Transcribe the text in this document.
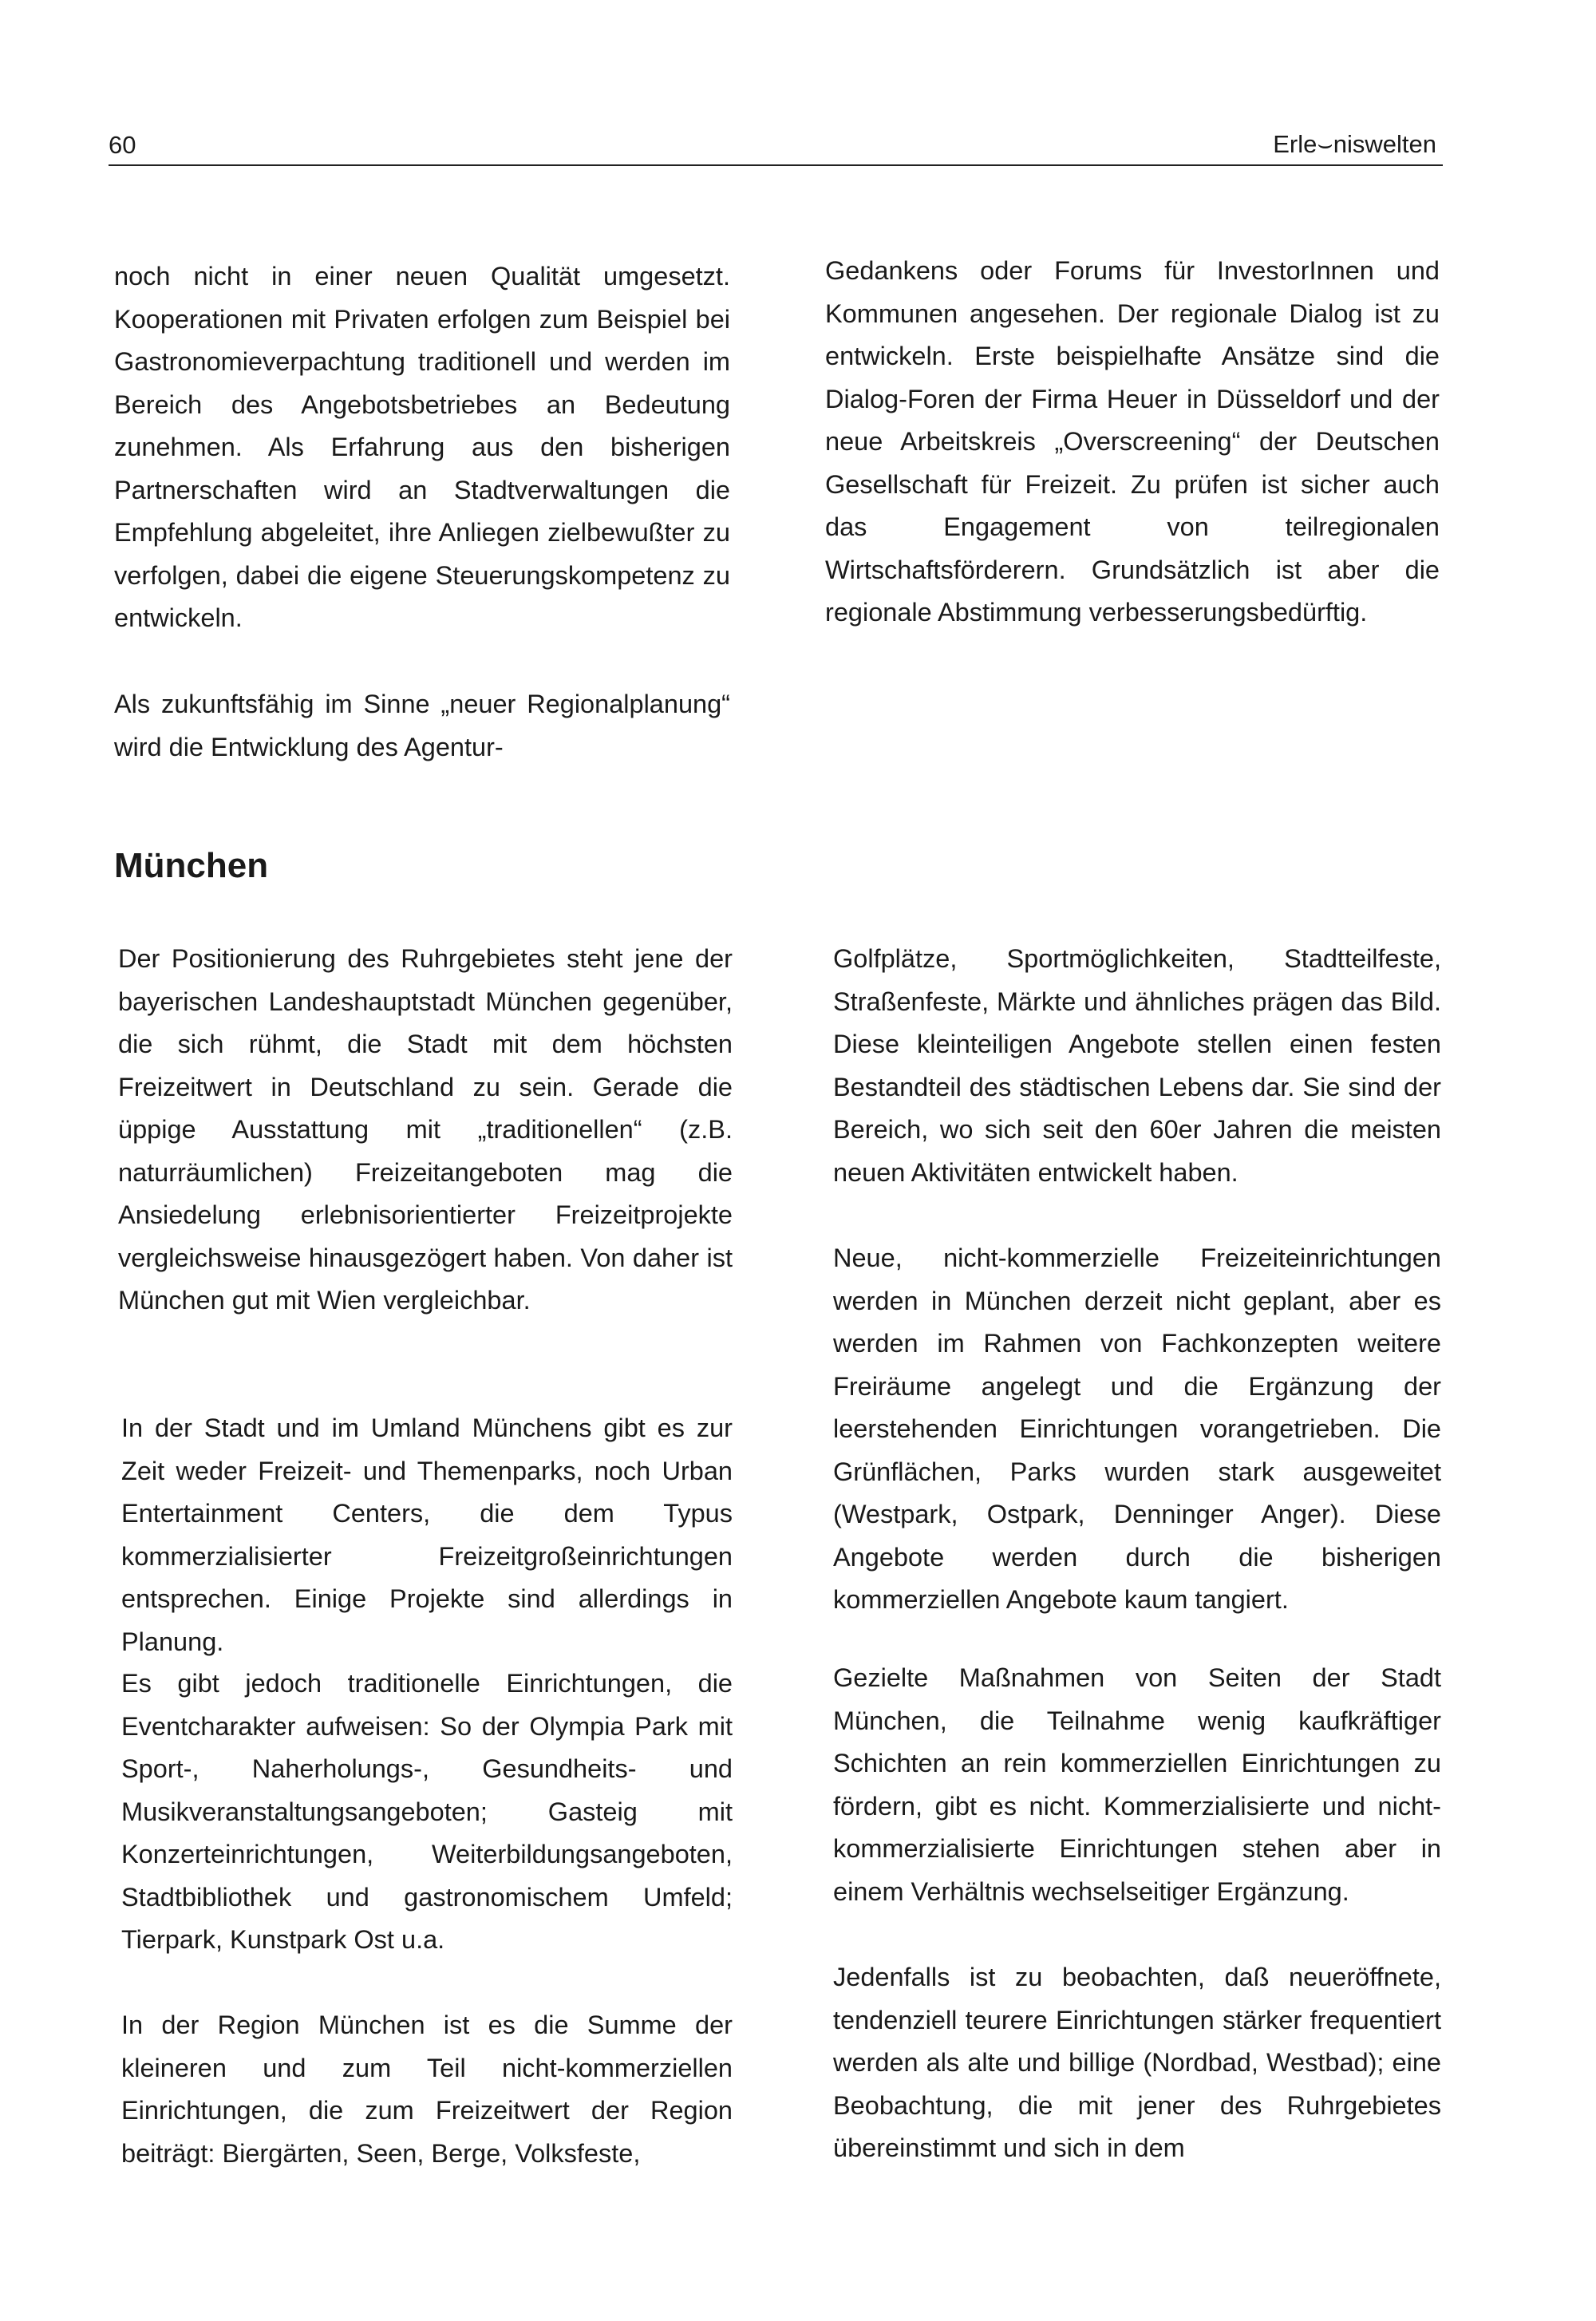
60	Erle⌣niswelten

noch nicht in einer neuen Qualität umgesetzt. Kooperationen mit Privaten erfolgen zum Beispiel bei Gastronomieverpachtung traditionell und werden im Bereich des Angebotsbetriebes an Bedeutung zunehmen. Als Erfahrung aus den bisherigen Partnerschaften wird an Stadtverwaltungen die Empfehlung abgeleitet, ihre Anliegen zielbewußter zu verfolgen, dabei die eigene Steuerungskompetenz zu entwickeln.

Als zukunftsfähig im Sinne „neuer Regionalplanung“ wird die Entwicklung des Agentur-

Gedankens oder Forums für InvestorInnen und Kommunen angesehen. Der regionale Dialog ist zu entwickeln. Erste beispielhafte Ansätze sind die Dialog-Foren der Firma Heuer in Düsseldorf und der neue Arbeitskreis „Overscreening“ der Deutschen Gesellschaft für Freizeit. Zu prüfen ist sicher auch das Engagement von teilregionalen Wirtschaftsförderern. Grundsätzlich ist aber die regionale Abstimmung verbesserungsbedürftig.

München

Der Positionierung des Ruhrgebietes steht jene der bayerischen Landeshauptstadt München gegenüber, die sich rühmt, die Stadt mit dem höchsten Freizeitwert in Deutschland zu sein. Gerade die üppige Ausstattung mit „traditionellen“ (z.B. naturräumlichen) Freizeitangeboten mag die Ansiedelung erlebnisorientierter Freizeitprojekte vergleichsweise hinausgezögert haben. Von daher ist München gut mit Wien vergleichbar.

In der Stadt und im Umland Münchens gibt es zur Zeit weder Freizeit- und Themenparks, noch Urban Entertainment Centers, die dem Typus kommerzialisierter Freizeitgroßeinrichtungen entsprechen. Einige Projekte sind allerdings in Planung.

Es gibt jedoch traditionelle Einrichtungen, die Eventcharakter aufweisen: So der Olympia Park mit Sport-, Naherholungs-, Gesundheits- und Musikveranstaltungsangeboten; Gasteig mit Konzerteinrichtungen, Weiterbildungsangeboten, Stadtbibliothek und gastronomischem Umfeld; Tierpark, Kunstpark Ost u.a.

In der Region München ist es die Summe der kleineren und zum Teil nicht-kommerziellen Einrichtungen, die zum Freizeitwert der Region beiträgt: Biergärten, Seen, Berge, Volksfeste,

Golfplätze, Sportmöglichkeiten, Stadtteilfeste, Straßenfeste, Märkte und ähnliches prägen das Bild. Diese kleinteiligen Angebote stellen einen festen Bestandteil des städtischen Lebens dar. Sie sind der Bereich, wo sich seit den 60er Jahren die meisten neuen Aktivitäten entwickelt haben.

Neue, nicht-kommerzielle Freizeiteinrichtungen werden in München derzeit nicht geplant, aber es werden im Rahmen von Fachkonzepten weitere Freiräume angelegt und die Ergänzung der leerstehenden Einrichtungen vorangetrieben. Die Grünflächen, Parks wurden stark ausgeweitet (Westpark, Ostpark, Denninger Anger). Diese Angebote werden durch die bisherigen kommerziellen Angebote kaum tangiert.

Gezielte Maßnahmen von Seiten der Stadt München, die Teilnahme wenig kaufkräftiger Schichten an rein kommerziellen Einrichtungen zu fördern, gibt es nicht. Kommerzialisierte und nicht-kommerzialisierte Einrichtungen stehen aber in einem Verhältnis wechselseitiger Ergänzung.

Jedenfalls ist zu beobachten, daß neueröffnete, tendenziell teurere Einrichtungen stärker frequentiert werden als alte und billige (Nordbad, Westbad); eine Beobachtung, die mit jener des Ruhrgebietes übereinstimmt und sich in dem
